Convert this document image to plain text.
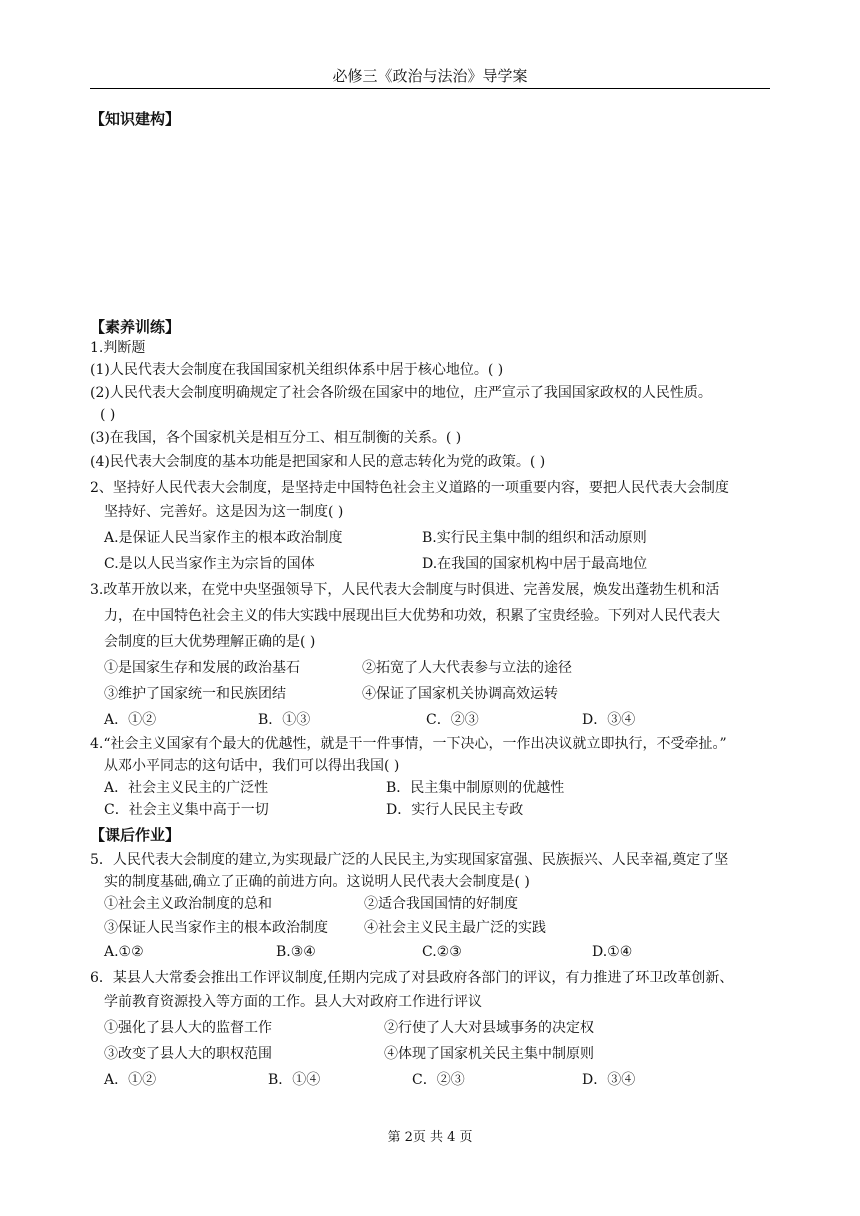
必修三《政治与法治》导学案
【知识建构】
【素养训练】
1.判断题
(1)人民代表大会制度在我国国家机关组织体系中居于核心地位。( )
(2)人民代表大会制度明确规定了社会各阶级在国家中的地位，庄严宣示了我国国家政权的人民性质。
( )
(3)在我国，各个国家机关是相互分工、相互制衡的关系。( )
(4)民代表大会制度的基本功能是把国家和人民的意志转化为党的政策。( )
2、坚持好人民代表大会制度，是坚持走中国特色社会主义道路的一项重要内容，要把人民代表大会制度
坚持好、完善好。这是因为这一制度( )
A.是保证人民当家作主的根本政治制度	B.实行民主集中制的组织和活动原则
C.是以人民当家作主为宗旨的国体	D.在我国的国家机构中居于最高地位
3.改革开放以来，在党中央坚强领导下，人民代表大会制度与时俱进、完善发展，焕发出蓬勃生机和活
力，在中国特色社会主义的伟大实践中展现出巨大优势和功效，积累了宝贵经验。下列对人民代表大
会制度的巨大优势理解正确的是( )
①是国家生存和发展的政治基石	②拓宽了人大代表参与立法的途径
③维护了国家统一和民族团结	④保证了国家机关协调高效运转
A．①②	B．①③	C．②③	D．③④
4.“社会主义国家有个最大的优越性，就是干一件事情，一下决心，一作出决议就立即执行，不受牵扯。”
从邓小平同志的这句话中，我们可以得出我国( )
A．社会主义民主的广泛性	B．民主集中制原则的优越性
C．社会主义集中高于一切	D．实行人民民主专政
【课后作业】
5．人民代表大会制度的建立,为实现最广泛的人民民主,为实现国家富强、民族振兴、人民幸福,奠定了坚
实的制度基础,确立了正确的前进方向。这说明人民代表大会制度是( )
①社会主义政治制度的总和	②适合我国国情的好制度
③保证人民当家作主的根本政治制度	④社会主义民主最广泛的实践
A.①②	B.③④	C.②③	D.①④
6．某县人大常委会推出工作评议制度,任期内完成了对县政府各部门的评议，有力推进了环卫改革创新、
学前教育资源投入等方面的工作。县人大对政府工作进行评议
①强化了县人大的监督工作	②行使了人大对县域事务的决定权
③改变了县人大的职权范围	④体现了国家机关民主集中制原则
A．①②	B．①④	C．②③	D．③④
第 2页 共 4 页
